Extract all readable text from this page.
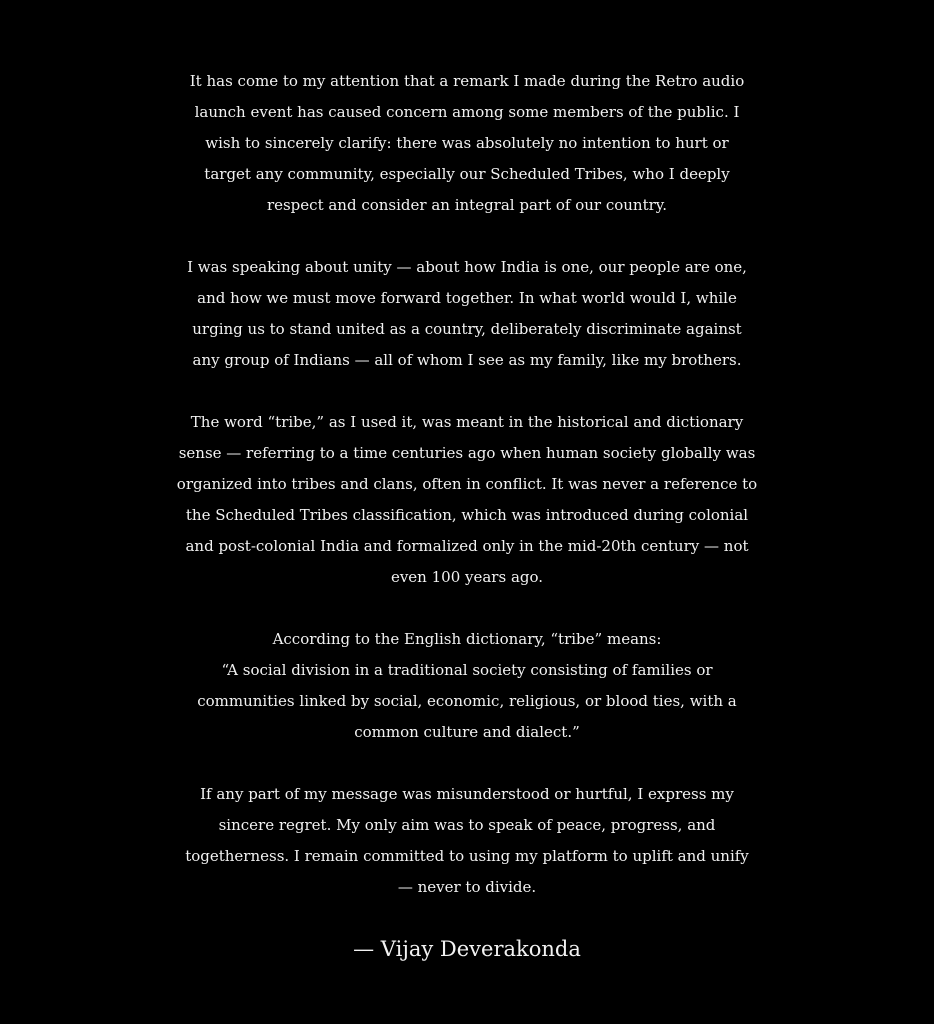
It has come to my attention that a remark I made during the Retro audio
launch event has caused concern among some members of the public. I
wish to sincerely clarify: there was absolutely no intention to hurt or
target any community, especially our Scheduled Tribes, who I deeply
respect and consider an integral part of our country.

I was speaking about unity — about how India is one, our people are one,
and how we must move forward together. In what world would I, while
urging us to stand united as a country, deliberately discriminate against
any group of Indians — all of whom I see as my family, like my brothers.

The word “tribe,” as I used it, was meant in the historical and dictionary
sense — referring to a time centuries ago when human society globally was
organized into tribes and clans, often in conflict. It was never a reference to
the Scheduled Tribes classification, which was introduced during colonial
and post-colonial India and formalized only in the mid-20th century — not
even 100 years ago.

According to the English dictionary, “tribe” means:
“A social division in a traditional society consisting of families or
communities linked by social, economic, religious, or blood ties, with a
common culture and dialect.”

If any part of my message was misunderstood or hurtful, I express my
sincere regret. My only aim was to speak of peace, progress, and
togetherness. I remain committed to using my platform to uplift and unify
— never to divide.

— Vijay Deverakonda
